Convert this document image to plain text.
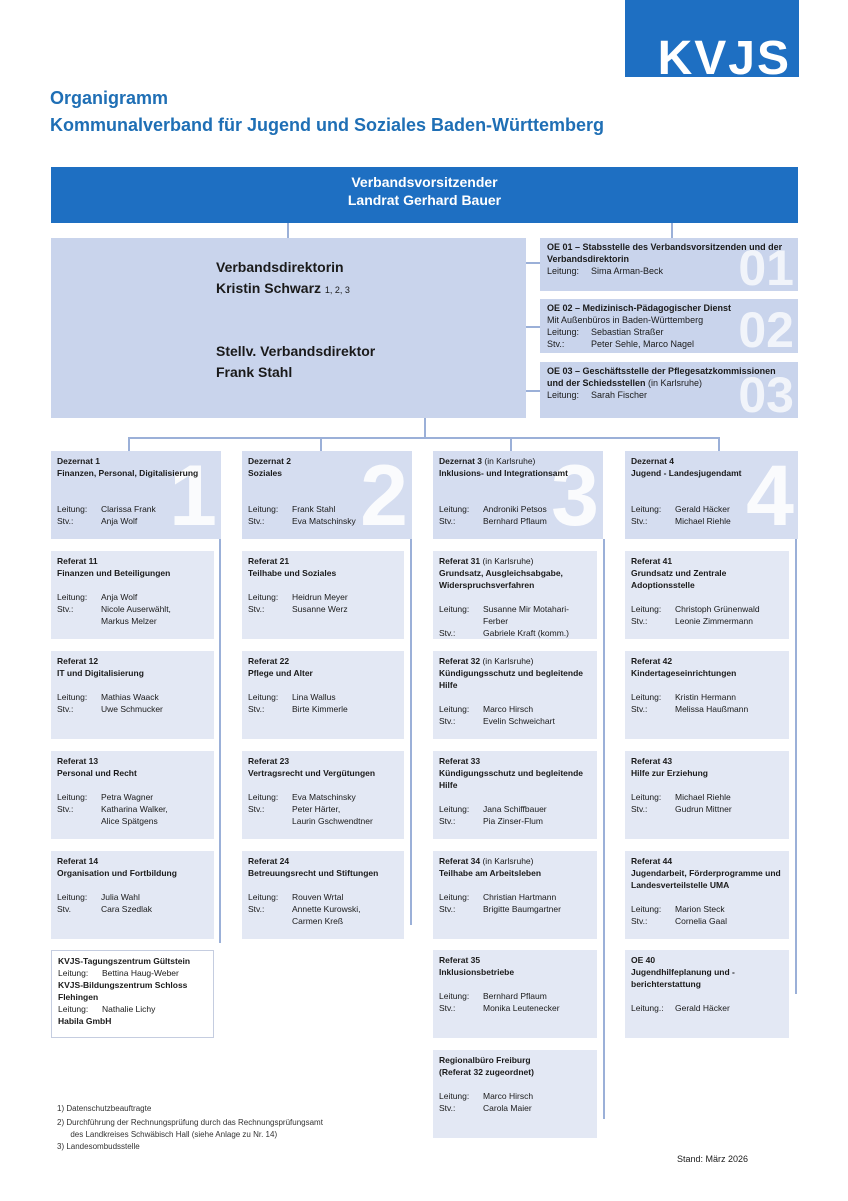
KVJS
Organigramm
Kommunalverband für Jugend und Soziales Baden-Württemberg
Verbandsvorsitzender
Landrat Gerhard Bauer
Verbandsdirektorin
Kristin Schwarz 1, 2, 3
Stellv. Verbandsdirektor
Frank Stahl
01
OE 01 – Stabsstelle des Verbandsvorsitzenden und der Verbandsdirektorin
Leitung:	Sima Arman-Beck
02
OE 02 – Medizinisch-Pädagogischer Dienst
Mit Außenbüros in Baden-Württemberg
Leitung:	Sebastian Straßer
Stv.:	Peter Sehle, Marco Nagel
03
OE 03 – Geschäftsstelle der Pflegesatzkommissionen und der Schiedsstellen (in Karlsruhe)
Leitung:	Sarah Fischer
1
Dezernat 1
Finanzen, Personal, Digitalisierung
Leitung:	Clarissa Frank
Stv.:	Anja Wolf
Referat 11
Finanzen und Beteiligungen
Leitung:	Anja Wolf
Stv.:	Nicole Auserwählt,
Markus Melzer
Referat 12
IT und Digitalisierung
Leitung:	Mathias Waack
Stv.:	Uwe Schmucker
Referat 13
Personal und Recht
Leitung:	Petra Wagner
Stv.:	Katharina Walker,
Alice Spätgens
Referat 14
Organisation und Fortbildung
Leitung:	Julia Wahl
Stv.	Cara Szedlak
2
Dezernat 2
Soziales
Leitung:	Frank Stahl
Stv.:	Eva Matschinsky
Referat 21
Teilhabe und Soziales
Leitung:	Heidrun Meyer
Stv.:	Susanne Werz
Referat 22
Pflege und Alter
Leitung:	Lina Wallus
Stv.:	Birte Kimmerle
Referat 23
Vertragsrecht und Vergütungen
Leitung:	Eva Matschinsky
Stv.:	Peter Härter,
Laurin Gschwendtner
Referat 24
Betreuungsrecht und Stiftungen
Leitung:	Rouven Wrtal
Stv.:	Annette Kurowski,
Carmen Kreß
3
Dezernat 3 (in Karlsruhe)
Inklusions- und Integrationsamt
Leitung:	Androniki Petsos
Stv.:	Bernhard Pflaum
Referat 31 (in Karlsruhe)
Grundsatz, Ausgleichsabgabe, Widerspruchsverfahren
Leitung:	Susanne Mir Motahari-Ferber
Stv.:	Gabriele Kraft (komm.)
Referat 32 (in Karlsruhe)
Kündigungsschutz und begleitende Hilfe
Leitung:	Marco Hirsch
Stv.:	Evelin Schweichart
Referat 33
Kündigungsschutz und begleitende Hilfe
Leitung:	Jana Schiffbauer
Stv.:	Pia Zinser-Flum
Referat 34 (in Karlsruhe)
Teilhabe am Arbeitsleben
Leitung:	Christian Hartmann
Stv.:	Brigitte Baumgartner
Referat 35
Inklusionsbetriebe
Leitung:	Bernhard Pflaum
Stv.:	Monika Leutenecker
Regionalbüro Freiburg
(Referat 32 zugeordnet)
Leitung:	Marco Hirsch
Stv.:	Carola Maier
4
Dezernat 4
Jugend - Landesjugendamt
Leitung:	Gerald Häcker
Stv.:	Michael Riehle
Referat 41
Grundsatz und Zentrale Adoptionsstelle
Leitung:	Christoph Grünenwald
Stv.:	Leonie Zimmermann
Referat 42
Kindertageseinrichtungen
Leitung:	Kristin Hermann
Stv.:	Melissa Haußmann
Referat 43
Hilfe zur Erziehung
Leitung:	Michael Riehle
Stv.:	Gudrun Mittner
Referat 44
Jugendarbeit, Förderprogramme und Landesverteilstelle UMA
Leitung:	Marion Steck
Stv.:	Cornelia Gaal
OE 40
Jugendhilfeplanung und -berichterstattung
Leitung.:	Gerald Häcker
KVJS-Tagungszentrum Gültstein
Leitung:	Bettina Haug-Weber
KVJS-Bildungszentrum Schloss Flehingen
Leitung:	Nathalie Lichy
Habila GmbH
1) Datenschutzbeauftragte
2) Durchführung der Rechnungsprüfung durch das Rechnungsprüfungsamt
des Landkreises Schwäbisch Hall (siehe Anlage zu Nr. 14)
3) Landesombudsstelle
Stand: März 2026
